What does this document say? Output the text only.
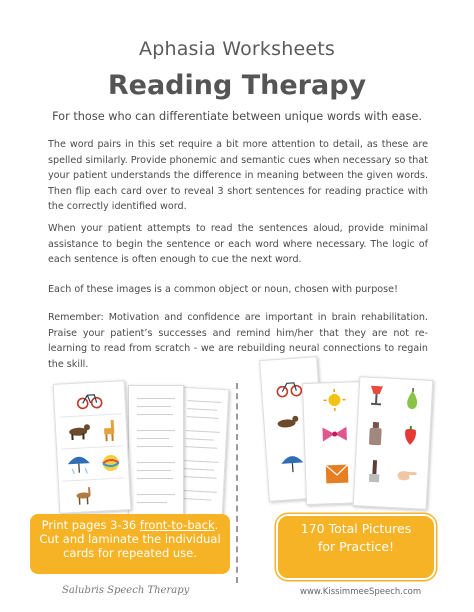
Aphasia Worksheets
Reading Therapy
For those who can differentiate between unique words with ease.
The word pairs in this set require a bit more attention to detail, as these are spelled similarly. Provide phonemic and semantic cues when necessary so that your patient understands the difference in meaning between the given words. Then flip each card over to reveal 3 short sentences for reading practice with the correctly identified word.
When your patient attempts to read the sentences aloud, provide minimal assistance to begin the sentence or each word where necessary. The logic of each sentence is often enough to cue the next word.
Each of these images is a common object or noun, chosen with purpose!
Remember: Motivation and confidence are important in brain rehabilitation. Praise your patient’s successes and remind him/her that they are not re-learning to read from scratch - we are rebuilding neural connections to regain the skill.
Print pages 3-36 front-to-back.
Cut and laminate the individual
cards for repeated use.
170 Total Pictures
for Practice!
Salubris Speech Therapy	www.KissimmeeSpeech.com
